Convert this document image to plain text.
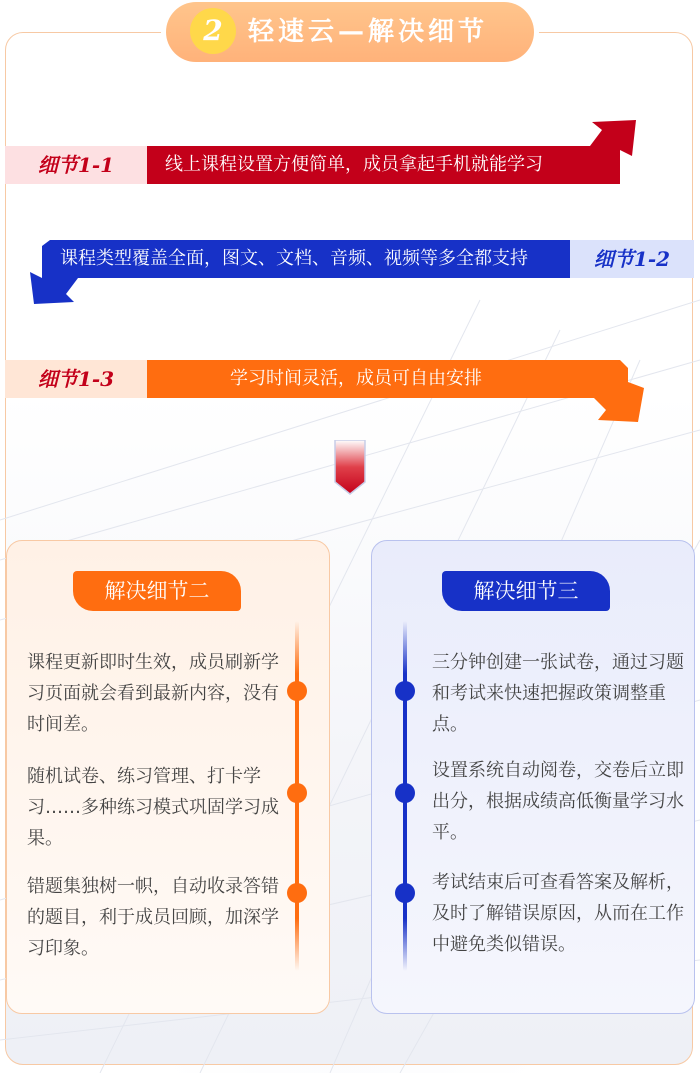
2 轻速云—解决细节
细节1-1	线上课程设置方便简单，成员拿起手机就能学习
课程类型覆盖全面，图文、文档、音频、视频等多全都支持	细节1-2
细节1-3	学习时间灵活，成员可自由安排
解决细节二
课程更新即时生效，成员刷新学习页面就会看到最新内容，没有时间差。
随机试卷、练习管理、打卡学习……多种练习模式巩固学习成果。
错题集独树一帜，自动收录答错的题目，利于成员回顾，加深学习印象。
解决细节三
三分钟创建一张试卷，通过习题和考试来快速把握政策调整重点。
设置系统自动阅卷，交卷后立即出分，根据成绩高低衡量学习水平。
考试结束后可查看答案及解析，及时了解错误原因，从而在工作中避免类似错误。
